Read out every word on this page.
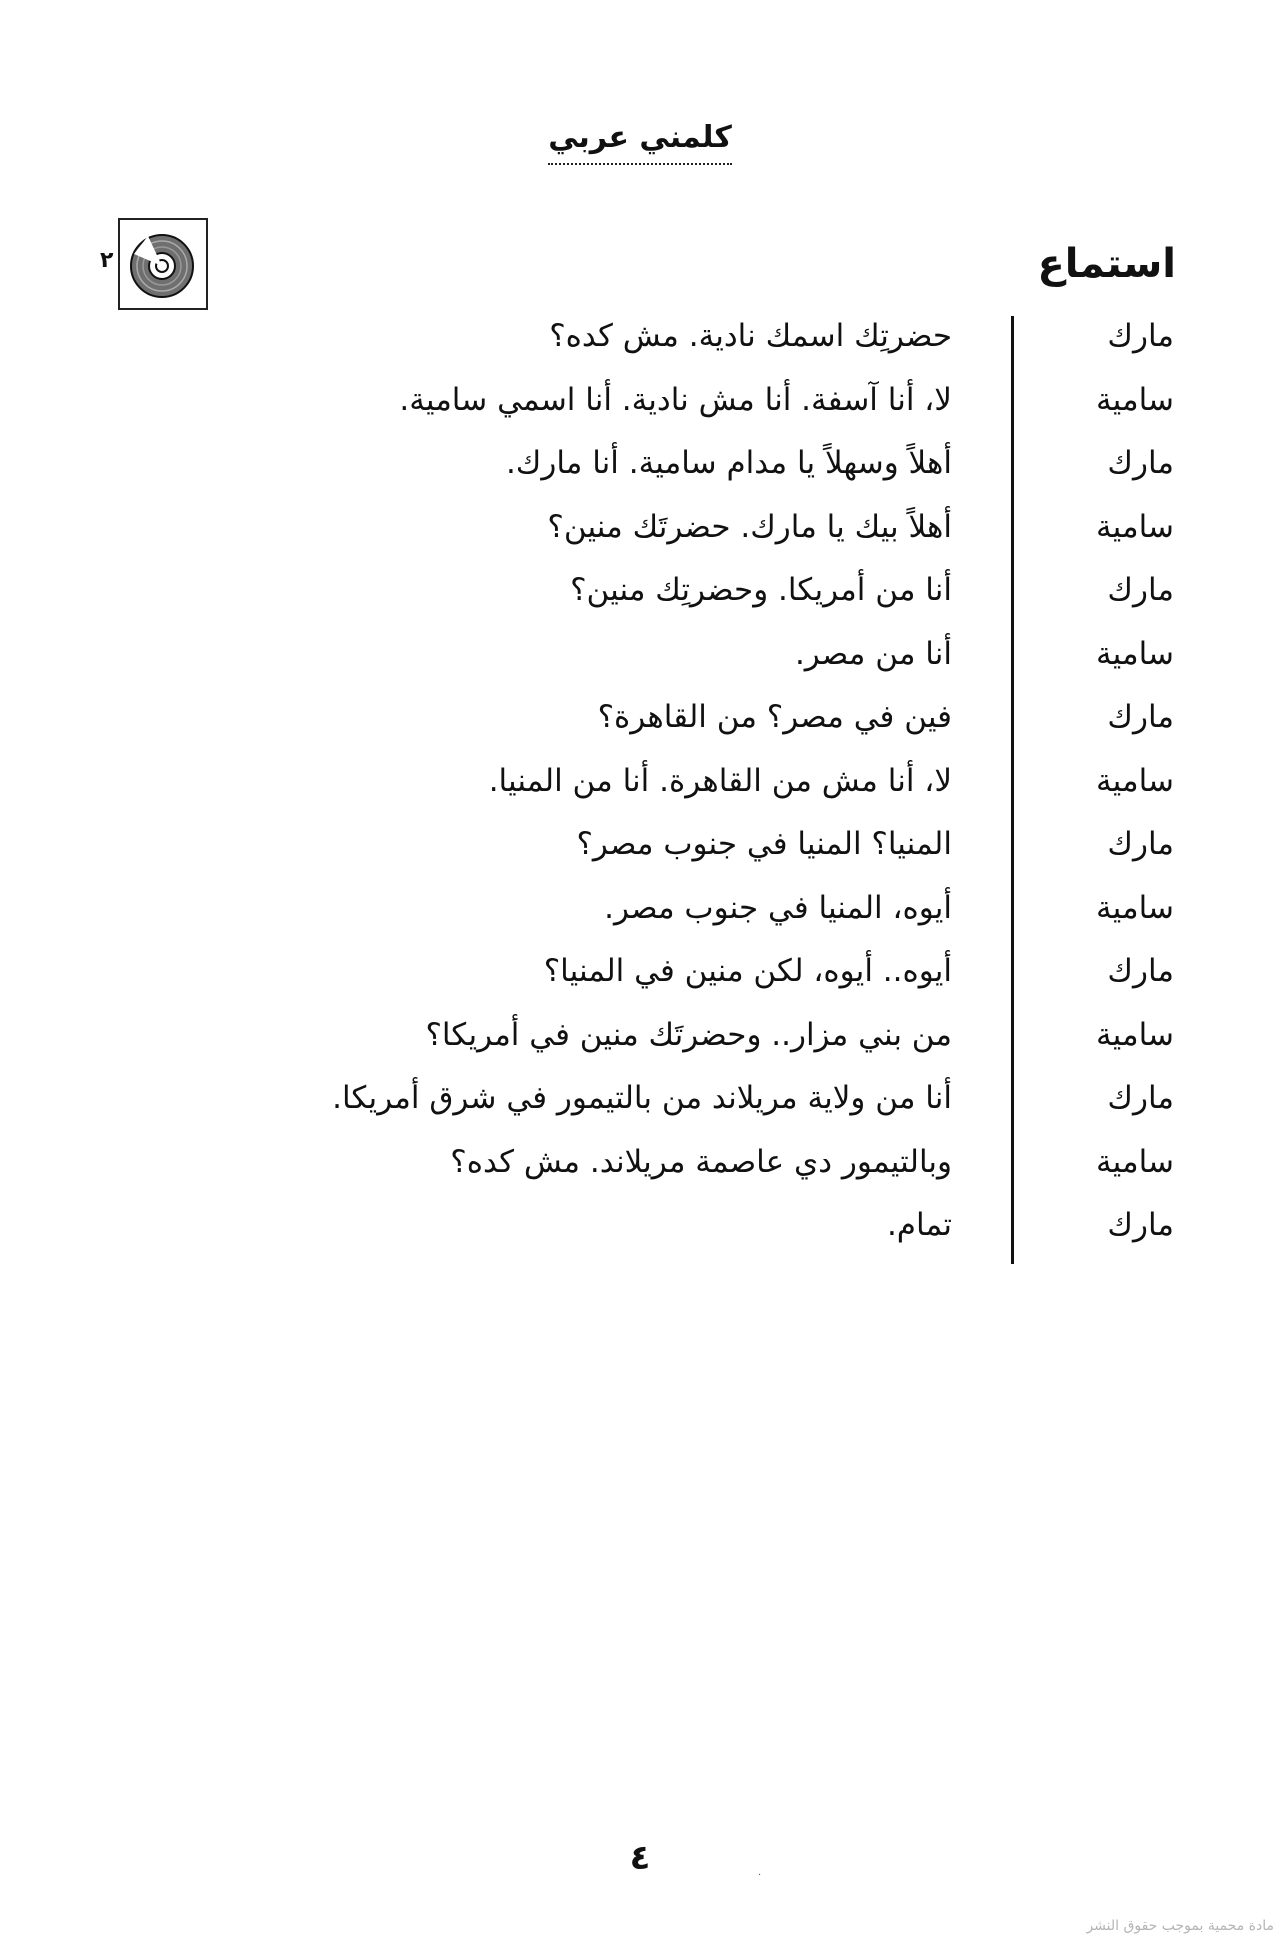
كلمني عربي
٢	استماع
مارك
حضرتِك اسمك نادية. مش كده؟
سامية
لا، أنا آسفة. أنا مش نادية. أنا اسمي سامية.
مارك
أهلاً وسهلاً يا مدام سامية. أنا مارك.
سامية
أهلاً بيك يا مارك. حضرتَك منين؟
مارك
أنا من أمريكا. وحضرتِك منين؟
سامية
أنا من مصر.
مارك
فين في مصر؟ من القاهرة؟
سامية
لا، أنا مش من القاهرة. أنا من المنيا.
مارك
المنيا؟ المنيا في جنوب مصر؟
سامية
أيوه، المنيا في جنوب مصر.
مارك
أيوه.. أيوه، لكن منين في المنيا؟
سامية
من بني مزار.. وحضرتَك منين في أمريكا؟
مارك
أنا من ولاية مريلاند من بالتيمور في شرق أمريكا.
سامية
وبالتيمور دي عاصمة مريلاند. مش كده؟
مارك
تمام.
·
٤
مادة محمية بموجب حقوق النشر
